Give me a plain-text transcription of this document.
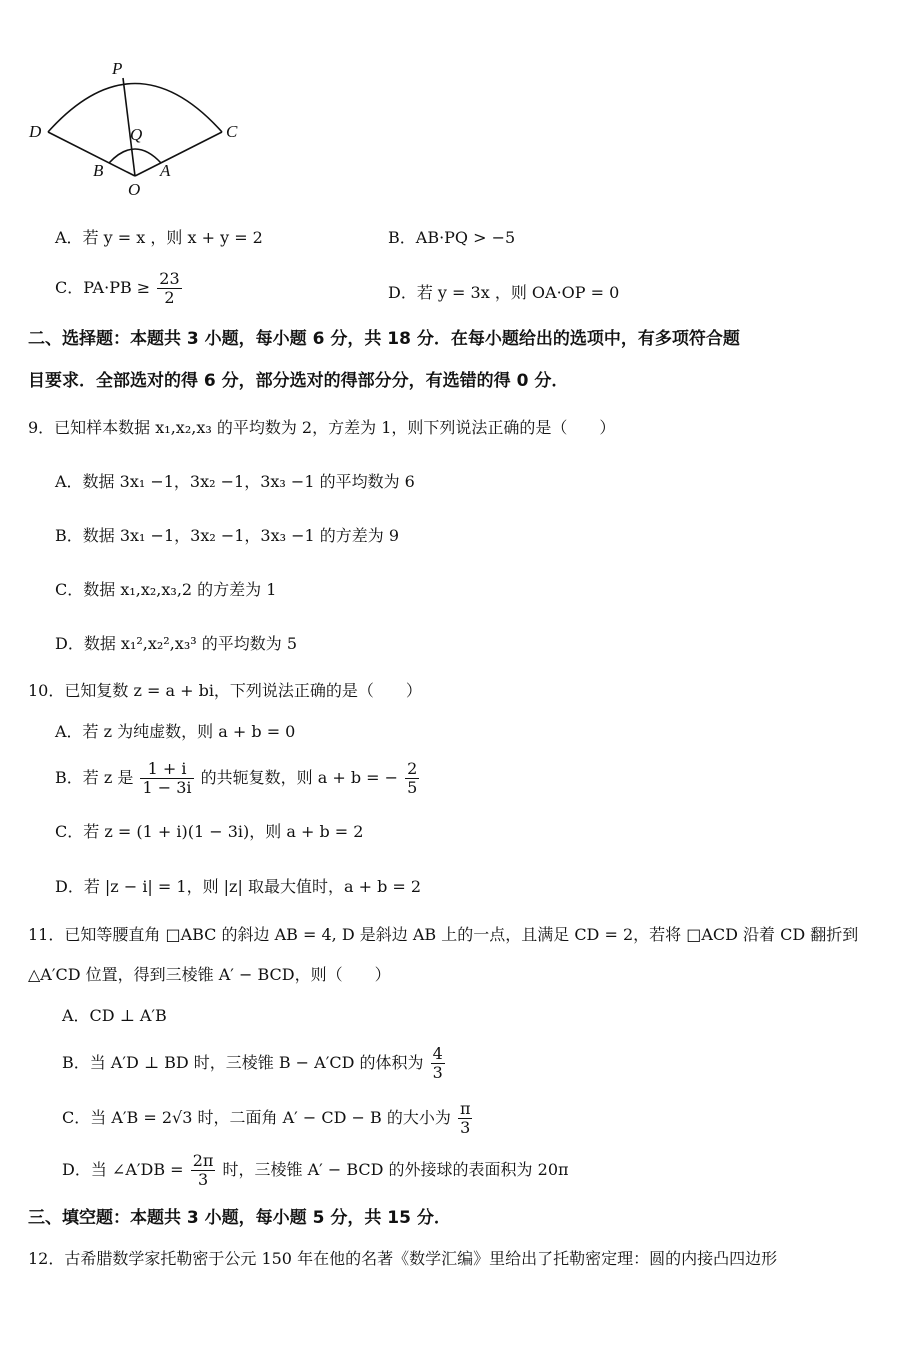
P
D	C
Q
B	A
O
A．若 y = x ，则 x + y = 2	B．AB·PQ > −5
C．$PA\cdot PB \ge \frac{23}{2}$	D．若 y = 3x ，则 OA·OP = 0
二、选择题：本题共 3 小题，每小题 6 分，共 18 分．在每小题给出的选项中，有多项符合题
目要求．全部选对的得 6 分，部分选对的得部分分，有选错的得 0 分．
9．已知样本数据 x₁,x₂,x₃ 的平均数为 2，方差为 1，则下列说法正确的是（　　）
A．数据 3x₁ −1，3x₂ −1，3x₃ −1 的平均数为 6
B．数据 3x₁ −1，3x₂ −1，3x₃ −1 的方差为 9
C．数据 x₁,x₂,x₃,2 的方差为 1
D．数据 x₁²,x₂²,x₃³ 的平均数为 5
10．已知复数 z = a + bi，下列说法正确的是（　　）
A．若 z 为纯虚数，则 a + b = 0
B．若 z 是 $\frac{1 + i}{1 - 3i}$ 的共轭复数，则 a + b = − $\frac{2}{5}$
C．若 z = (1 + i)(1 − 3i)，则 a + b = 2
D．若 |z − i| = 1，则 |z| 取最大值时，a + b = 2
11．已知等腰直角 □ABC 的斜边 AB = 4, D 是斜边 AB 上的一点，且满足 CD = 2，若将 □ACD 沿着 CD 翻折到
△A′CD 位置，得到三棱锥 A′ − BCD，则（　　）
A．CD ⊥ A′B
B．当 A′D ⊥ BD 时，三棱锥 B − A′CD 的体积为 $\frac{4}{3}$
C．当 A′B = 2√3 时，二面角 A′ − CD − B 的大小为 $\frac{\pi}{3}$
D．当 ∠A′DB = $\frac{2\pi}{3}$ 时，三棱锥 A′ − BCD 的外接球的表面积为 20π
三、填空题：本题共 3 小题，每小题 5 分，共 15 分．
12．古希腊数学家托勒密于公元 150 年在他的名著《数学汇编》里给出了托勒密定理：圆的内接凸四边形
